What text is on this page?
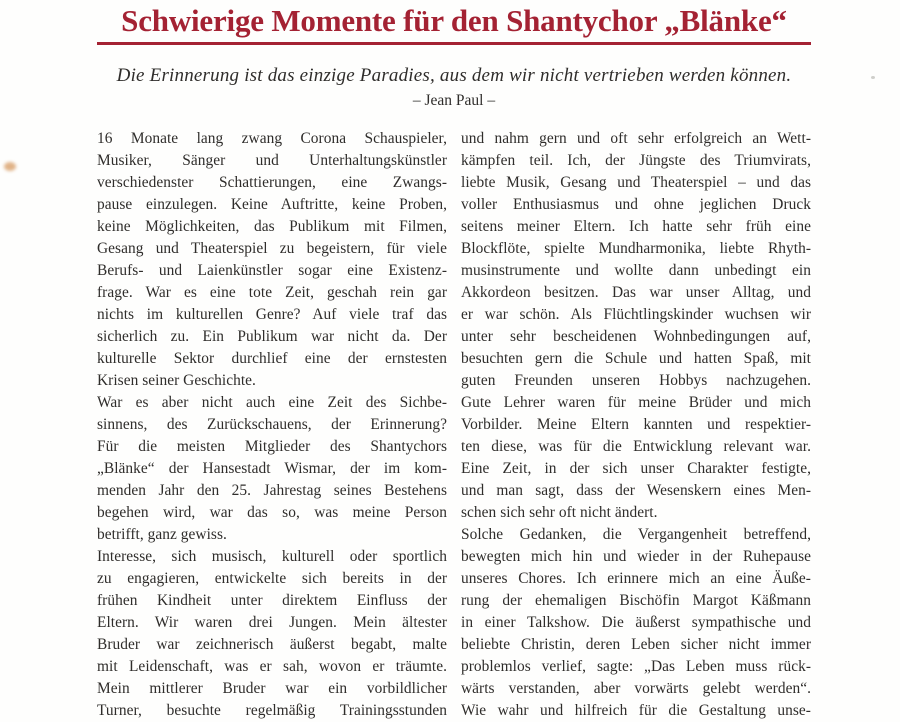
Schwierige Momente für den Shantychor „Blänke“
Die Erinnerung ist das einzige Paradies, aus dem wir nicht vertrieben werden können.
– Jean Paul –
16 Monate lang zwang Corona Schauspieler,
Musiker, Sänger und Unterhaltungskünstler
verschiedenster Schattierungen, eine Zwangs-
pause einzulegen. Keine Auftritte, keine Proben,
keine Möglichkeiten, das Publikum mit Filmen,
Gesang und Theaterspiel zu begeistern, für viele
Berufs- und Laienkünstler sogar eine Existenz-
frage. War es eine tote Zeit, geschah rein gar
nichts im kulturellen Genre? Auf viele traf das
sicherlich zu. Ein Publikum war nicht da. Der
kulturelle Sektor durchlief eine der ernstesten
Krisen seiner Geschichte.
War es aber nicht auch eine Zeit des Sichbe-
sinnens, des Zurückschauens, der Erinnerung?
Für die meisten Mitglieder des Shantychors
„Blänke“ der Hansestadt Wismar, der im kom-
menden Jahr den 25. Jahrestag seines Bestehens
begehen wird, war das so, was meine Person
betrifft, ganz gewiss.
Interesse, sich musisch, kulturell oder sportlich
zu engagieren, entwickelte sich bereits in der
frühen Kindheit unter direktem Einfluss der
Eltern. Wir waren drei Jungen. Mein ältester
Bruder war zeichnerisch äußerst begabt, malte
mit Leidenschaft, was er sah, wovon er träumte.
Mein mittlerer Bruder war ein vorbildlicher
Turner, besuchte regelmäßig Trainingsstunden
und nahm gern und oft sehr erfolgreich an Wett-
kämpfen teil. Ich, der Jüngste des Triumvirats,
liebte Musik, Gesang und Theaterspiel – und das
voller Enthusiasmus und ohne jeglichen Druck
seitens meiner Eltern. Ich hatte sehr früh eine
Blockflöte, spielte Mundharmonika, liebte Rhyth-
musinstrumente und wollte dann unbedingt ein
Akkordeon besitzen. Das war unser Alltag, und
er war schön. Als Flüchtlingskinder wuchsen wir
unter sehr bescheidenen Wohnbedingungen auf,
besuchten gern die Schule und hatten Spaß, mit
guten Freunden unseren Hobbys nachzugehen.
Gute Lehrer waren für meine Brüder und mich
Vorbilder. Meine Eltern kannten und respektier-
ten diese, was für die Entwicklung relevant war.
Eine Zeit, in der sich unser Charakter festigte,
und man sagt, dass der Wesenskern eines Men-
schen sich sehr oft nicht ändert.
Solche Gedanken, die Vergangenheit betreffend,
bewegten mich hin und wieder in der Ruhepause
unseres Chores. Ich erinnere mich an eine Äuße-
rung der ehemaligen Bischöfin Margot Käßmann
in einer Talkshow. Die äußerst sympathische und
beliebte Christin, deren Leben sicher nicht immer
problemlos verlief, sagte: „Das Leben muss rück-
wärts verstanden, aber vorwärts gelebt werden“.
Wie wahr und hilfreich für die Gestaltung unse-
